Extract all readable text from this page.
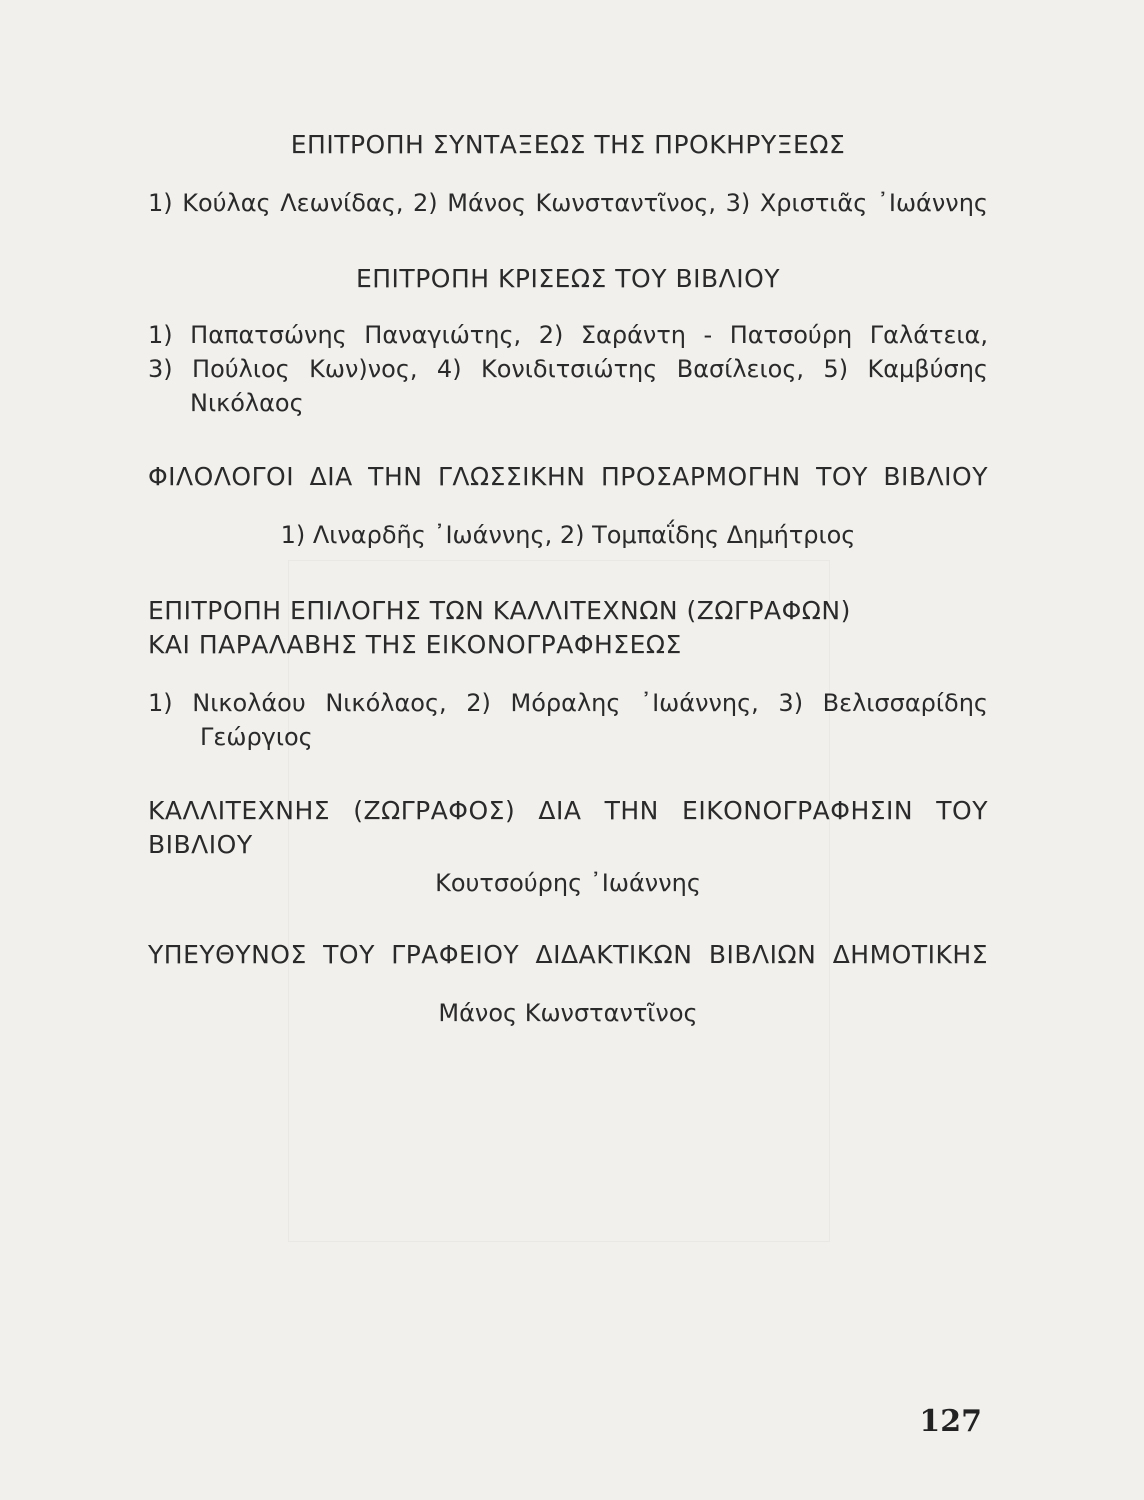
ΕΠΙΤΡΟΠΗ ΣΥΝΤΑΞΕΩΣ ΤΗΣ ΠΡΟΚΗΡΥΞΕΩΣ
1) Κούλας Λεωνίδας, 2) Μάνος Κωνσταντῖνος, 3) Χριστιᾶς ᾿Ιωάννης
ΕΠΙΤΡΟΠΗ ΚΡΙΣΕΩΣ ΤΟΥ ΒΙΒΛΙΟΥ
1) Παπατσώνης Παναγιώτης, 2) Σαράντη - Πατσούρη Γαλάτεια,
3) Πούλιος Κων)νος, 4) Κονιδιτσιώτης Βασίλειος, 5) Καμβύσης
Νικόλαος
ΦΙΛΟΛΟΓΟΙ ΔΙΑ ΤΗΝ ΓΛΩΣΣΙΚΗΝ ΠΡΟΣΑΡΜΟΓΗΝ ΤΟΥ ΒΙΒΛΙΟΥ
1) Λιναρδῆς ᾿Ιωάννης, 2) Τομπαΐδης Δημήτριος
ΕΠΙΤΡΟΠΗ ΕΠΙΛΟΓΗΣ ΤΩΝ ΚΑΛΛΙΤΕΧΝΩΝ (ΖΩΓΡΑΦΩΝ)
ΚΑΙ ΠΑΡΑΛΑΒΗΣ ΤΗΣ ΕΙΚΟΝΟΓΡΑΦΗΣΕΩΣ
1) Νικολάου Νικόλαος, 2) Μόραλης ᾿Ιωάννης, 3) Βελισσαρίδης
Γεώργιος
ΚΑΛΛΙΤΕΧΝΗΣ (ΖΩΓΡΑΦΟΣ) ΔΙΑ ΤΗΝ ΕΙΚΟΝΟΓΡΑΦΗΣΙΝ ΤΟΥ
ΒΙΒΛΙΟΥ
Κουτσούρης ᾿Ιωάννης
ΥΠΕΥΘΥΝΟΣ ΤΟΥ ΓΡΑΦΕΙΟΥ ΔΙΔΑΚΤΙΚΩΝ ΒΙΒΛΙΩΝ ΔΗΜΟΤΙΚΗΣ
Μάνος Κωνσταντῖνος
127
